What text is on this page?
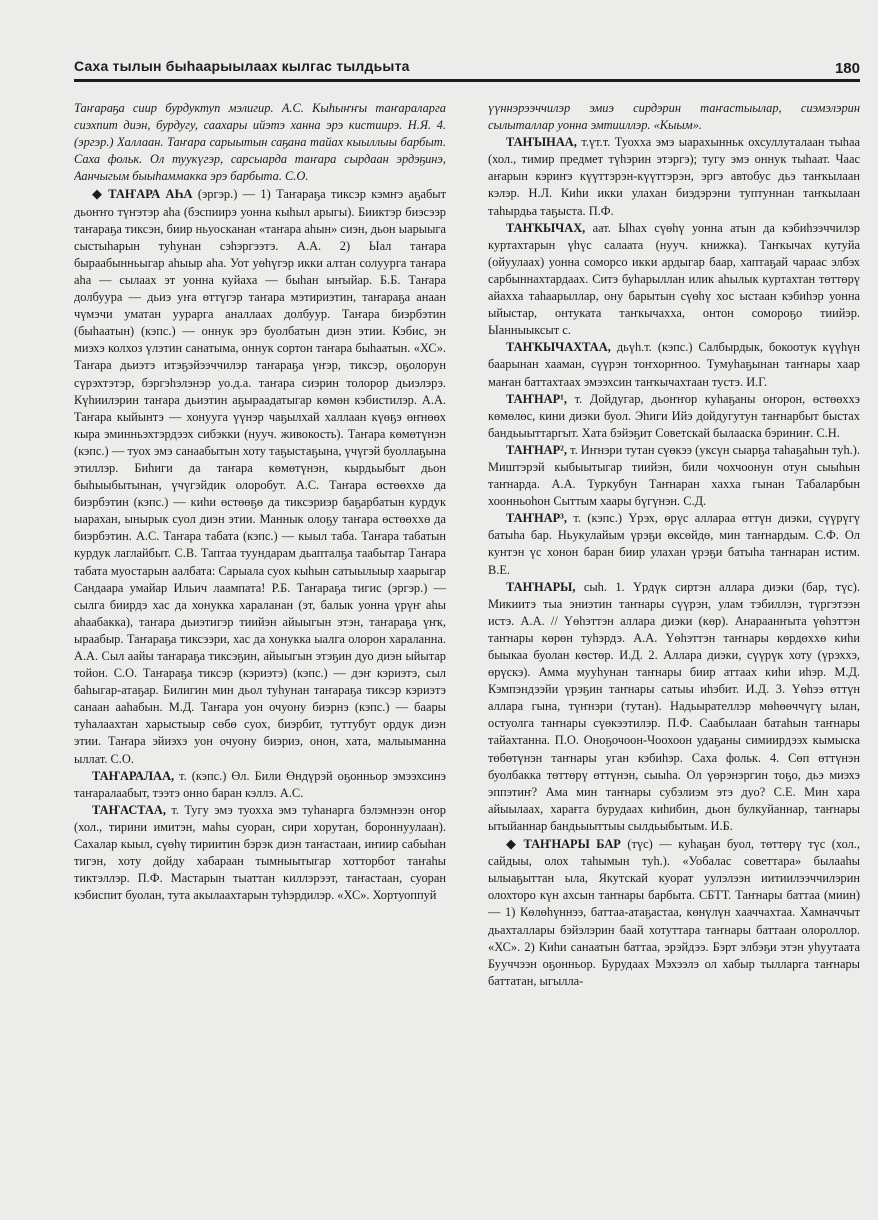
Саха тылын быһаарыылаах кылгас тылдьыта	180

Таҥараҕа сиир бурдуктуп мэлигир. А.С. Кыһыҥҥы таҥараларга сиэхпит диэн, бурдугу, саахары ийэтэ ханна эрэ кистиирэ. Н.Я. 4. (эргэр.) Халлаан. Таҥара сарыытын саҕана тайах кыыллыы барбыт. Саха фольк. Ол туукүгэр, сарсыарда таҥара сырдаан эрдэҕинэ, Аанчыгым быыһаммакка эрэ барбыта. С.О.

◆ ТАҤАРА АҺА (эргэр.) — 1) Таҥараҕа тиксэр кэмҥэ аҕабыт дьоҥҥо түҥэтэр аһа (бэспиирэ уонна кыһыл арыгы). Бииктэр биэсээр таҥараҕа тиксэн, биир ньуосканан «таҥара аһын» сиэн, дьон ыарыыга сыстыһарын туһунан сэһэргээтэ. А.А. 2) Ыал таҥара быраабынньыгар аһыыр аһа. Уот уөһүгэр икки алтан солуурга таҥара аһа — сылаах эт уонна куйаха — быһан ыҥыйар. Б.Б. Таҥара долбуура — дьиэ уҥа өттүгэр таҥара мэтириэтин, таҥараҕа анаан чүмэчи уматан уурарга аналлаах долбуур. Таҥара биэрбэтин (быһаатын) (кэпс.) — оннук эрэ буолбатын диэн этии. Кэбис, эн миэхэ колхоз үлэтин санатыма, оннук сортон таҥара быһаатын. «ХС». Таҥара дьиэтэ итэҕэйээччилэр таҥараҕа үҥэр, тиксэр, оҕолорун сүрэхтэтэр, бэргэһэлэнэр уо.д.а. таҥара сиэрин толорор дьиэлэрэ. Күһиилэрин таҥара дьиэтин аҕыраадатыгар көмөн кэбистилэр. А.А. Таҥара кыйынтэ — хонууга үүнэр чаҕылхай халлаан күөҕэ өҥнөөх кыра эминньэхтэрдээх сибэкки (нууч. живокость). Таҥара көмөтүнэн (кэпс.) — туох эмэ санаабытын хоту таҕыстаҕына, үчүгэй буоллаҕына этиллэр. Биһиги да таҥара көмөтүнэн, кырдьыбыт дьон быһыыбытынан, үчүгэйдик олоробут. А.С. Таҥара өстөөххө да биэрбэтин (кэпс.) — киһи өстөөҕө да тиксэриэр баҕарбатын курдук ыарахан, ынырык суол диэн этии. Маннык олоҕу таҥара өстөөххө да биэрбэтин. А.С. Таҥара табата (кэпс.) — кыыл таба. Таҥара табатын курдук лаглайбыт. С.В. Таптаа туундарам дьапталҕа таабытар Таҥара табата муостарын аалбата: Сарыала суох кыһын сатыылыыр хаарыгар Сандаара умайар Ильич лаампата! Р.Б. Таҥараҕа тигис (эргэр.) — сылга биирдэ хас да хонукка хараланан (эт, балык уонна үрүҥ аһы аһаабакка), таҥара дьиэтигэр тиийэн айыыгын этэн, таҥараҕа үҥк, ыраабыр. Таҥараҕа тиксээри, хас да хонукка ыалга олорон хараланна. А.А. Сыл аайы таҥараҕа тиксэҕин, айыыгын этэҕин дуо диэн ыйытар тойон. С.О. Таҥараҕа тиксэр (кэриэтэ) (кэпс.) — дэҥ кэриэтэ, сыл баһыгар-атаҕар. Билигин мин дьол туһунан таҥараҕа тиксэр кэриэтэ санаан ааһабын. М.Д. Таҥара уон очуону биэрнэ (кэпс.) — баары туһалаахтан харыстыыр сөбө суох, биэрбит, туттубут ордук диэн этии. Таҥара эйиэхэ уон очуону биэриэ, онон, хата, малыыманна ыллат. С.О.

ТАҤАРАЛАА, т. (кэпс.) Өл. Били Өндүрэй оҕонньор эмээхсинэ таҥаралаабыт, тээтэ онно баран кэллэ. А.С.

ТАҤАСТАА, т. Тугу эмэ туохха эмэ туһанарга бэлэмнээн оҥор (хол., тирини имитэн, маһы суоран, сири хорутан, бороннуулаан). Сахалар кыыл, сүөһү тириитин бэрэк диэн таҥастаан, иҥиир сабыһан тигэн, хоту дойду хабараан тымныытыгар хотторбот таҥаһы тиктэллэр. П.Ф. Мастарын тыаттан киллэрээт, таҥастаан, суоран кэбиспит буолан, тута акылаахтарын туһэрдилэр. «ХС». Хортуоппуй

үүннэрээччилэр эмиэ сирдэрин таҥастыылар, сиэмэлэрин сылыталлар уонна эмтииллэр. «Кыым».

ТАҤЫНАА, т.үт.т. Туохха эмэ ыарахынньк охсуллуталаан тыһаа (хол., тимир предмет түһэрин этэргэ); тугу эмэ оннук тыһаат. Чаас аҥарын кэриҥэ күүттэрэн-күүттэрэн, эргэ автобус дьэ таҥкылаан кэлэр. Н.Л. Киһи икки улахан биэдэрэни туптуннан таҥкылаан таһырдьа таҕыста. П.Ф.

ТАҤКЫЧАХ, аат. Ыһах сүөһү уонна атын да кэбиһээччилэр куртахтарын үһүс салаата (нууч. книжка). Таҥкычах кутуйа (ойуулаах) уонна соморсо икки ардыгар баар, хаптаҕай чараас элбэх сарбыннахтардаах. Ситэ буһарыллан илик аһылык куртахтан төттөрү айахха таһаарыллар, ону барытын сүөһү хос ыстаан кэбиһэр уонна ыйыстар, онтуката таҥкычахха, онтон сомороҕо тиийэр. Ыанныыксыт с.

ТАҤКЫЧАХТАА, дьүһ.т. (кэпс.) Салбырдык, бокоотук күүһүн баарынан хааман, сүүрэн тоҥхорҥноо. Тумуһаҕынан таҥнары хаар маҥан баттахтаах эмээхсин таҥкычахтаан тустэ. И.Г.

ТАҤНАР¹, т. Дойдугар, дьоҥҥор куһаҕаны оҥорон, өстөөххэ көмөлөс, кини диэки буол. Эһиги Ийэ дойдугутун таҥнарбыт быстах бандьыыттаргыт. Хата бэйэҕит Советскай былааска бэриниҥ. С.Н.

ТАҤНАР², т. Иҥнэри тутан сүөкээ (уксүн сыарҕа таһаҕаһын туһ.). Миштэрэй кыбыытыгар тиийэн, били чохчоонун отун сыыһын таҥнарда. А.А. Туркубун Таҥнаран хахха гынан Табаларбын хоонньоһон Сыттым хаары бүгүнэн. С.Д.

ТАҤНАР³, т. (кэпс.) Үрэх, өрүс аллараа өттүн диэки, сүүрүгү батыһа бар. Ньукулайым үрэҕи өксөйдө, мин таҥнардым. С.Ф. Ол кунтэн үс хонон баран биир улахан үрэҕи батыһа таҥнаран истим. В.Е.

ТАҤНАРЫ, сыһ. 1. Үрдүк сиртэн аллара диэки (бар, түс). Микиитэ тыа эниэтин таҥнары сүүрэн, улам тэбиллэн, түргэтээн истэ. А.А. // Үөһэттэн аллара диэки (көр). Анараанҥыта үөһэттэн таҥнары көрөн туһэрдэ. А.А. Үөһэттэн таҥнары көрдөххө киһи быыкаа буолан көстөр. И.Д. 2. Аллара диэки, сүүрүк хоту (үрэххэ, өрүскэ). Амма мууһунан таҥнары биир аттаах киһи иһэр. М.Д. Кэмпэндээйи үрэҕин таҥнары сатыы иһэбит. И.Д. 3. Үөһээ өттүн аллара гына, түҥнэри (тутан). Надьырателлэр мөһөөччүгү ылан, остуолга таҥнары сүөкээтилэр. П.Ф. Саабылаан батаһын таҥнары тайахтанна. П.О. Оноҕочоон-Чоохоон удаҕаны симиирдээх кымыска төбөтүнэн таҥнары уган кэбиһэр. Саха фольк. 4. Сөп өттүнэн буолбакка төттөрү өттүнэн, сыыһа. Ол үөрэнэргин тоҕо, дьэ миэхэ эппэтиҥ? Ама мин таҥнары субэлиэм этэ дуо? С.Е. Мин хара айыылаах, харағга бурудаах киһибин, дьон булкуйаннар, таҥнары ытыйаннар бандьыыттыы сылдьыбытым. И.Б.

◆ ТАҤНАРЫ БАР (түс) — куһаҕан буол, төттөрү түс (хол., сайдыы, олох таһымын туһ.). «Уобалас советтара» былааһы ылыаҕыттан ыла, Якутскай куорат уулэлээн иитиилээччилэрин олохторо күн ахсын таҥнары барбыта. СБТТ. Таҥнары баттаа (миин) — 1) Көлөһүннээ, баттаа-атаҕастаа, көнүлүн хааччахтаа. Хамначчыт дьахталлары бэйэлэрин баай хотуттара таҥнары баттаан олороллор. «ХС». 2) Киһи санаатын баттаа, эрэйдээ. Бэрт элбэҕи этэн уһуутаата Бууччээн оҕонньор. Бурудаах Мэхээлэ ол хабыр тылларга таҥнары баттатан, ыгылла-
